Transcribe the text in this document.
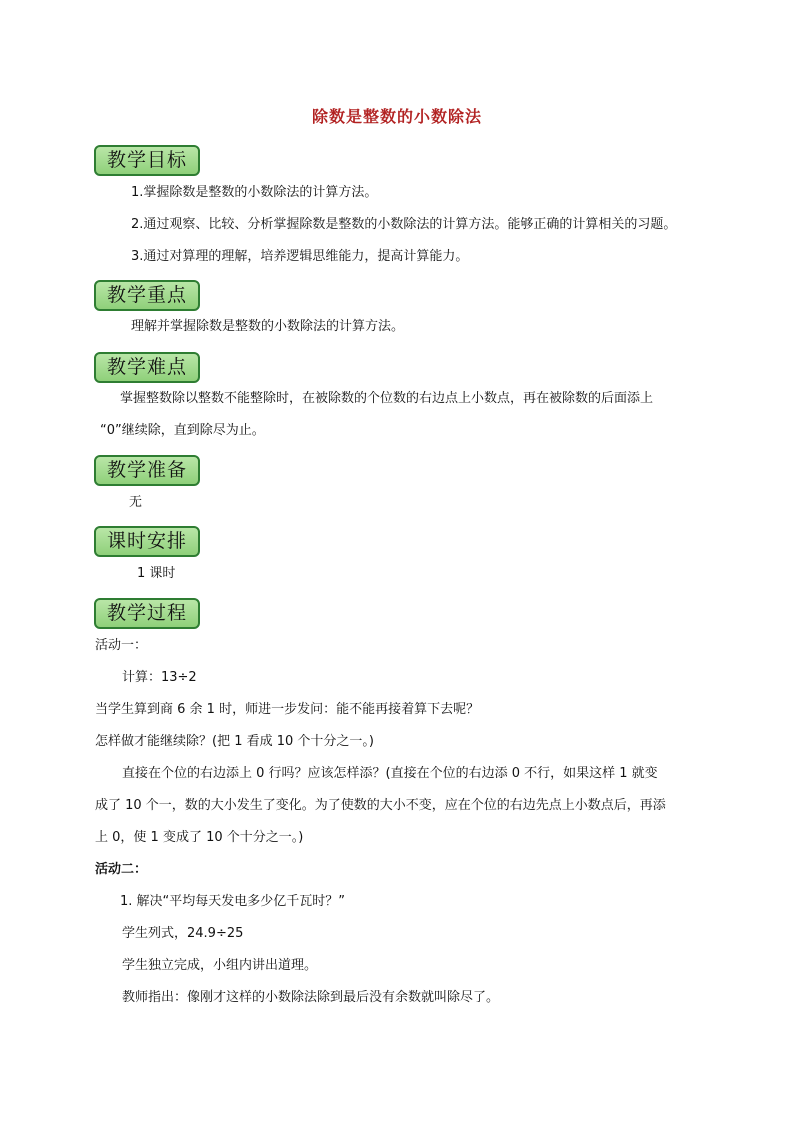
除数是整数的小数除法
教学目标
1.掌握除数是整数的小数除法的计算方法。
2.通过观察、比较、分析掌握除数是整数的小数除法的计算方法。能够正确的计算相关的习题。
3.通过对算理的理解，培养逻辑思维能力，提高计算能力。
教学重点
理解并掌握除数是整数的小数除法的计算方法。
教学难点
掌握整数除以整数不能整除时，在被除数的个位数的右边点上小数点，再在被除数的后面添上
“0”继续除，直到除尽为止。
教学准备
无
课时安排
1 课时
教学过程
活动一：
计算：13÷2
当学生算到商 6 余 1 时，师进一步发问：能不能再接着算下去呢？
怎样做才能继续除？(把 1 看成 10 个十分之一。)
直接在个位的右边添上 0 行吗？应该怎样添？(直接在个位的右边添 0 不行，如果这样 1 就变
成了 10 个一，数的大小发生了变化。为了使数的大小不变，应在个位的右边先点上小数点后，再添
上 0，使 1 变成了 10 个十分之一。)
活动二：
1. 解决“平均每天发电多少亿千瓦时？”
学生列式，24.9÷25
学生独立完成，小组内讲出道理。
教师指出：像刚才这样的小数除法除到最后没有余数就叫除尽了。
